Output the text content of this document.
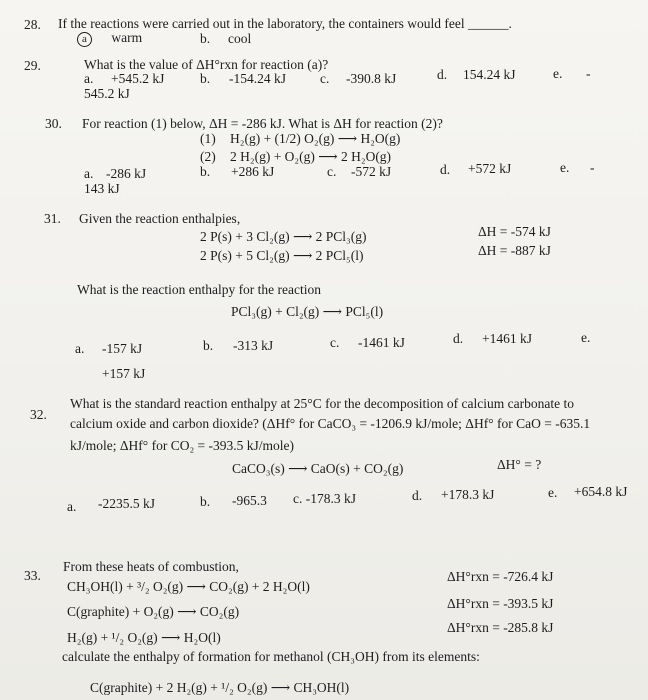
28. If the reactions were carried out in the laboratory, the containers would feel ______.
a warm	b. cool
29.	What is the value of ΔH°rxn for reaction (a)?
a. +545.2 kJ	b. -154.24 kJ	c. -390.8 kJ	d. 154.24 kJ	e. -
545.2 kJ
30. For reaction (1) below, ΔH = -286 kJ. What is ΔH for reaction (2)?
(1) H₂(g) + (1/2) O₂(g) ⟶ H₂O(g)
(2) 2 H₂(g) + O₂(g) ⟶ 2 H₂O(g)
a. -286 kJ	b. +286 kJ	c. -572 kJ	d. +572 kJ	e. -
143 kJ
31. Given the reaction enthalpies,
2 P(s) + 3 Cl₂(g) ⟶ 2 PCl₃(g)	ΔH = -574 kJ
2 P(s) + 5 Cl₂(g) ⟶ 2 PCl₅(l)	ΔH = -887 kJ
What is the reaction enthalpy for the reaction
PCl₃(g) + Cl₂(g) ⟶ PCl₅(l)
a. -157 kJ	b. -313 kJ	c. -1461 kJ	d. +1461 kJ	e.
+157 kJ
32.
What is the standard reaction enthalpy at 25°C for the decomposition of calcium carbonate to
calcium oxide and carbon dioxide? (ΔHf° for CaCO₃ = -1206.9 kJ/mole; ΔHf° for CaO = -635.1
kJ/mole; ΔHf° for CO₂ = -393.5 kJ/mole)
CaCO₃(s) ⟶ CaO(s) + CO₂(g)	ΔH° = ?
a. -2235.5 kJ	b. -965.3 c. -178.3 kJ	d. +178.3 kJ	e. +654.8 kJ
33.
From these heats of combustion,
CH₃OH(l) + ³/₂ O₂(g) ⟶ CO₂(g) + 2 H₂O(l)
ΔH°rxn = -726.4 kJ
C(graphite) + O₂(g) ⟶ CO₂(g)
ΔH°rxn = -393.5 kJ
H₂(g) + ¹/₂ O₂(g) ⟶ H₂O(l)
ΔH°rxn = -285.8 kJ
calculate the enthalpy of formation for methanol (CH₃OH) from its elements:
C(graphite) + 2 H₂(g) + ¹/₂ O₂(g) ⟶ CH₃OH(l)
